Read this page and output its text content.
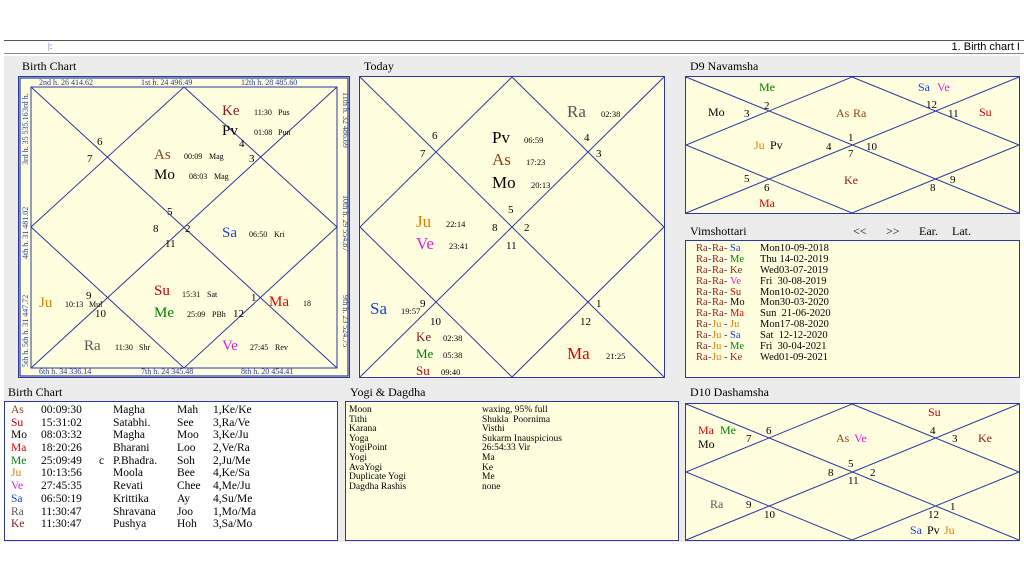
|:	1. Birth chart I
Birth Chart
2nd h. 26 414.62	1st h. 24 496.49	12th h. 28 485.60
6th h. 34 336.14	7th h. 24 345.48	8th h. 20 454.41
3rd h. 35 535.16
4th h. 31 481.02
5th h. 31 447.72
11th h. 32 486.69
10th h. 29 554.87
9th h. 23 524.75
5th h.
3rd h.
4
3
2
11
12
1
10
9
8
5
6
7
Ke 11:30 Pus
Pv 01:08 Pun
As 00:09 Mag
Mo 08:03 Mag
Sa 06:50 Kri
Ju 10:13 Mul
Su 15:31 Sat
Me 25:09 PBh
Ma 18
Ra 11:30 Shr	Ve 27:45 Rev
Today
4
3
2
1
12
11
10
9
8
5
6
7
Ra 02:38
Pv 06:59
As 17:23
Mo 20:13
Ju 22:14
Ve 23:41
Sa 19:57
Ke 02:38
Me 05:38
Su 09:40
Ma 21:25
D9 Navamsha
2
3
12
11
1
7
4	10
5
6	8
9
Me
Mo
Sa Ve
As Ra	Su
Ju Pv
Ke
Ma
Vimshottari	<< >> Ear. Lat.
Ra - Ra - Sa Mon10-09-2018
Ra - Ra - Me Thu 14-02-2019
Ra - Ra - Ke Wed03-07-2019
Ra - Ra - Ve Fri  30-08-2019
Ra - Ra - Su Mon10-02-2020
Ra - Ra - Mo Mon30-03-2020
Ra - Ra - Ma Sun  21-06-2020
Ra - Ju - Ju Mon17-08-2020
Ra - Ju - Sa Sat  12-12-2020
Ra - Ju - Me Fri  30-04-2021
Ra - Ju - Ke Wed01-09-2021
Birth Chart
As 00:09:30	Magha	Mah 1,Ke/Ke
Su 15:31:02	Satabhi. See 3,Ra/Ve
Mo 08:03:32	Magha	Moo 3,Ke/Ju
Ma 18:20:26	Bharani Loo 2,Ve/Ra
Me 25:09:49 c P.Bhadra. Soh 2,Ju/Me
Ju 10:13:56	Moola	Bee 4,Ke/Sa
Ve 27:45:35	Revati	Chee 4,Me/Ju
Sa 06:50:19	Krittika Ay 4,Su/Me
Ra 11:30:47	Shravana Joo 1,Mo/Ma
Ke 11:30:47	Pushya	Hoh 3,Sa/Mo
Yogi & Dagdha
Moon	waxing, 95% full
Tithi	Shukla  Poornima
Karana	Visthi
Yoga	Sukarm Inauspicious
YogiPoint	26:54:33 Vir
Yogi	Ma
AvaYogi	Ke
Duplicate Yogi	Me
Dagdha Rashis	none
D10 Dashamsha
6
7
4
3
5
11
2
8
9
10	12
1
Su
Ma Me
Mo	As Ve	Ke
Ra
Sa Pv Ju
